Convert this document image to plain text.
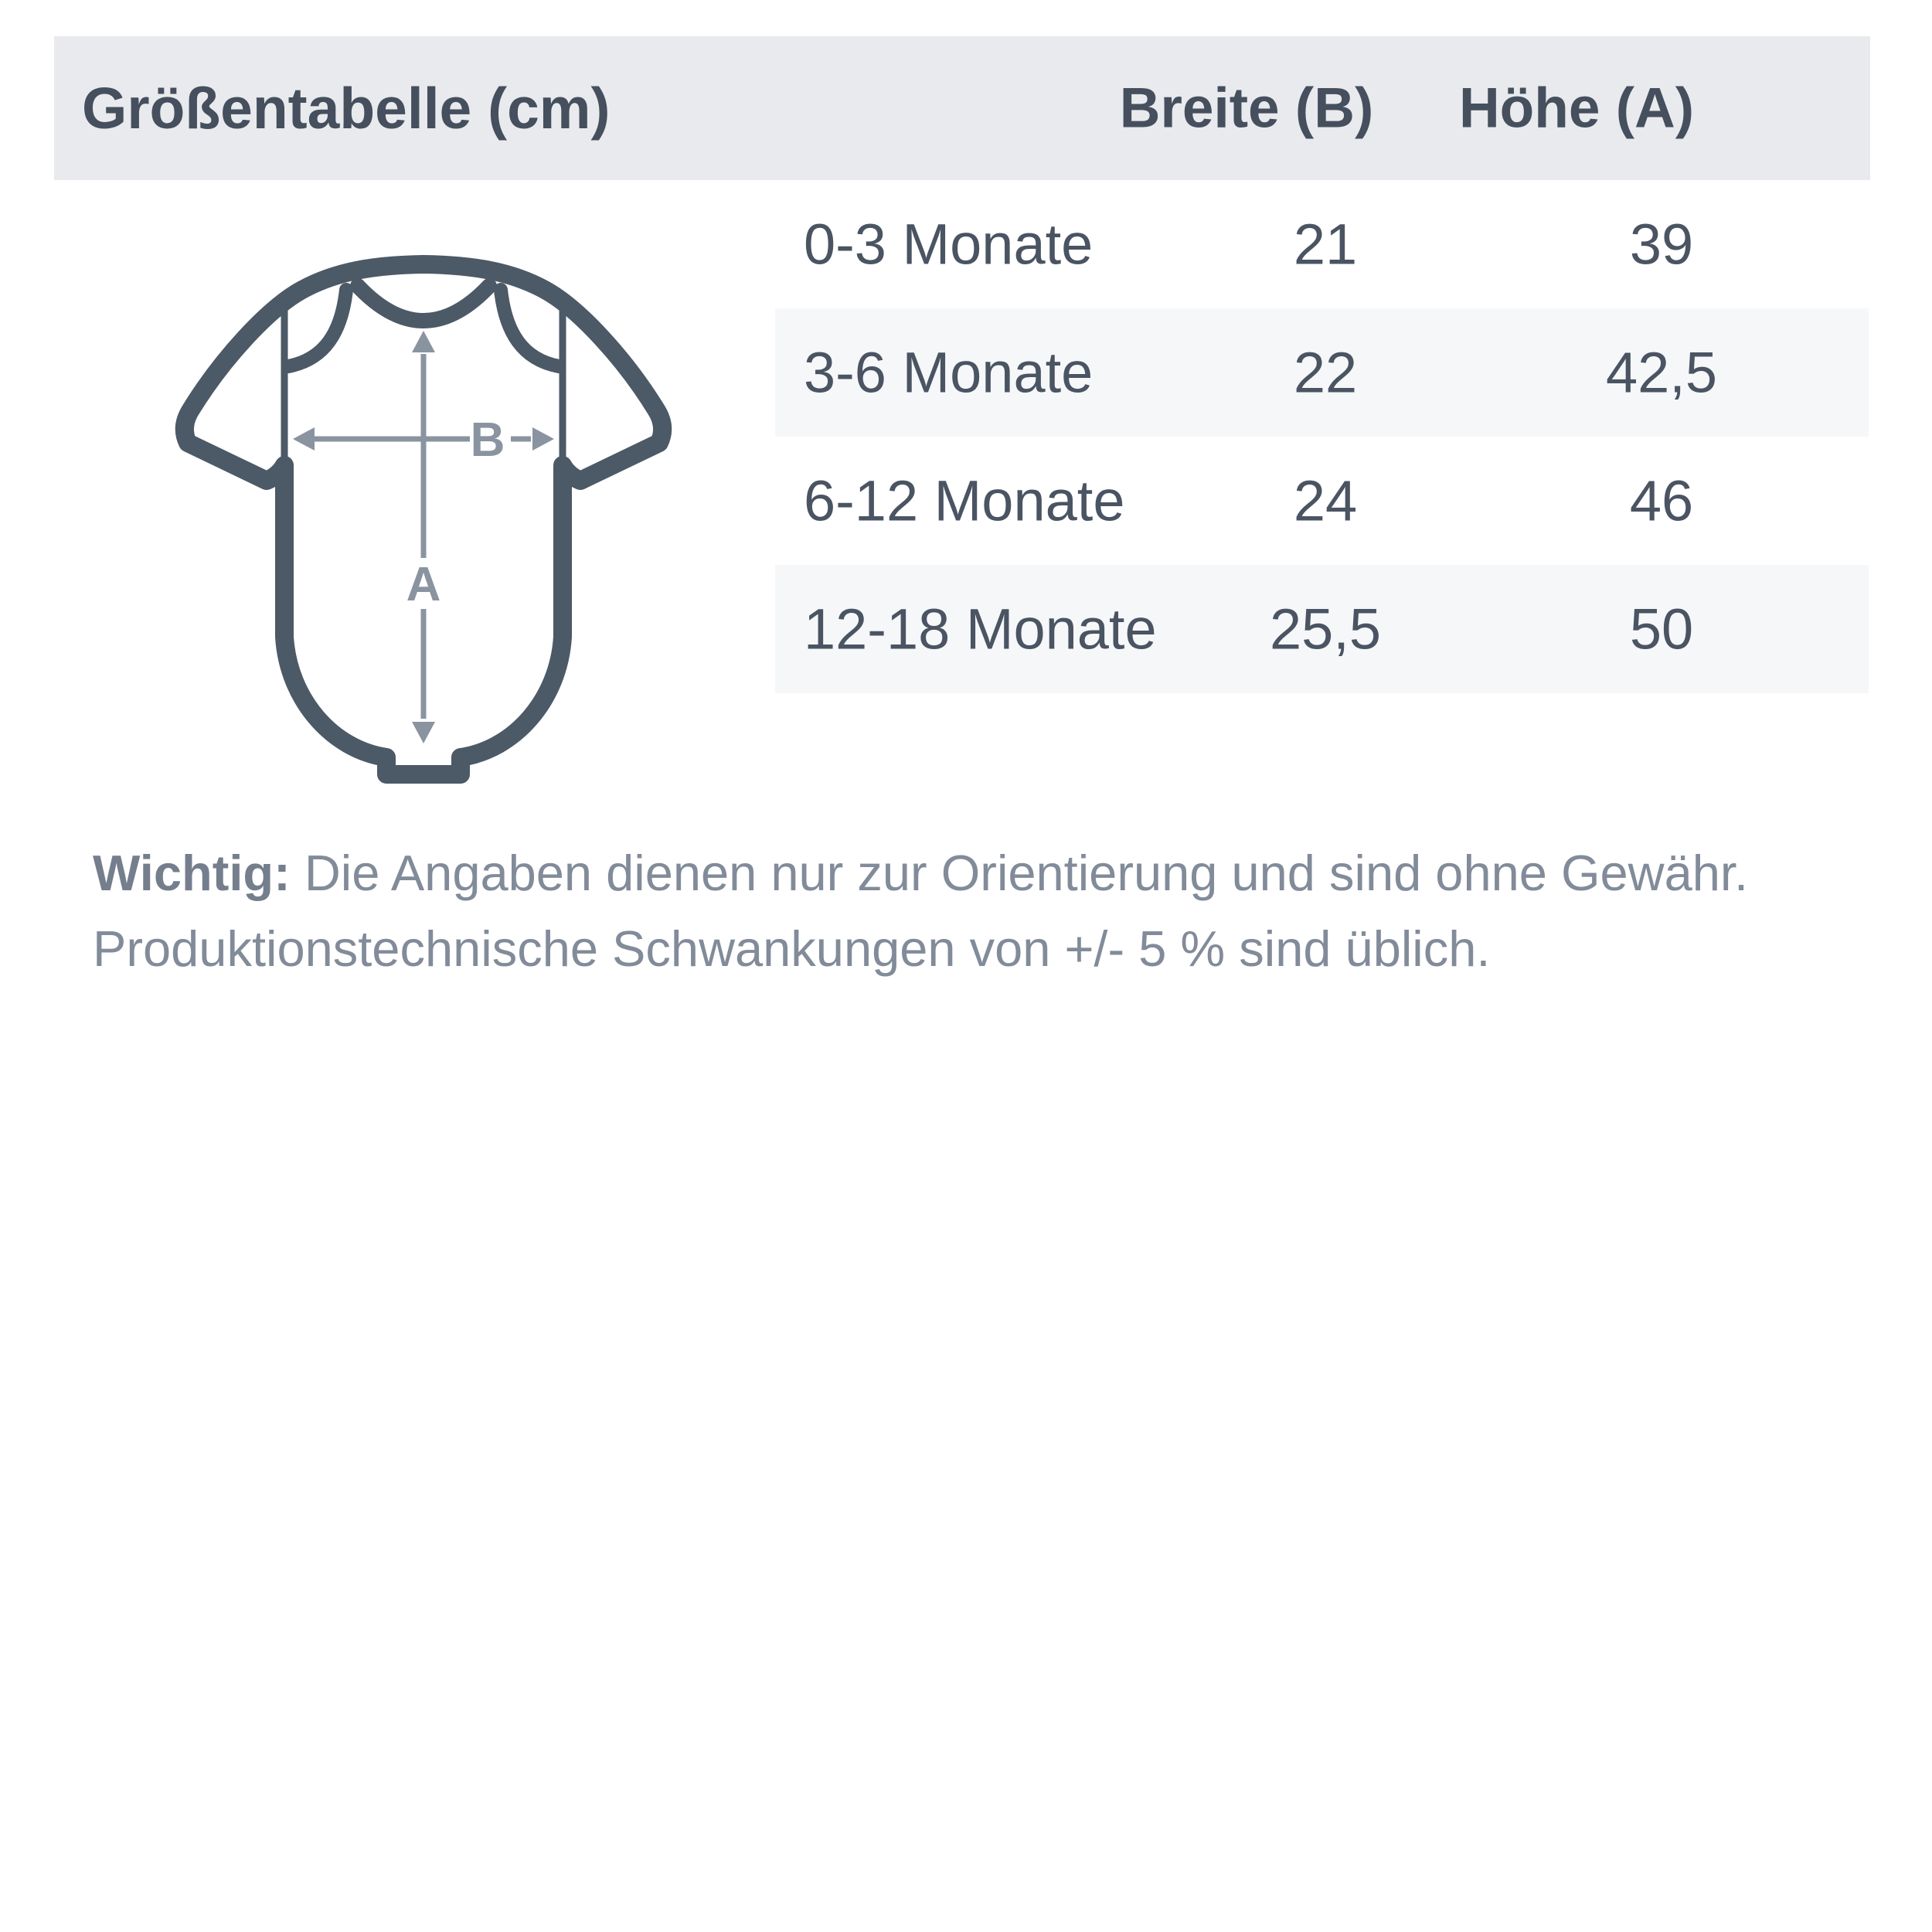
Größentabelle (cm)	Breite (B) Höhe (A)
0-3 Monate	21	39
3-6 Monate	22	42,5
6-12 Monate	24	46
12-18 Monate 25,5	50
B
A
Wichtig: Die Angaben dienen nur zur Orientierung und sind ohne Gewähr.
Produktionstechnische Schwankungen von +/- 5 % sind üblich.
